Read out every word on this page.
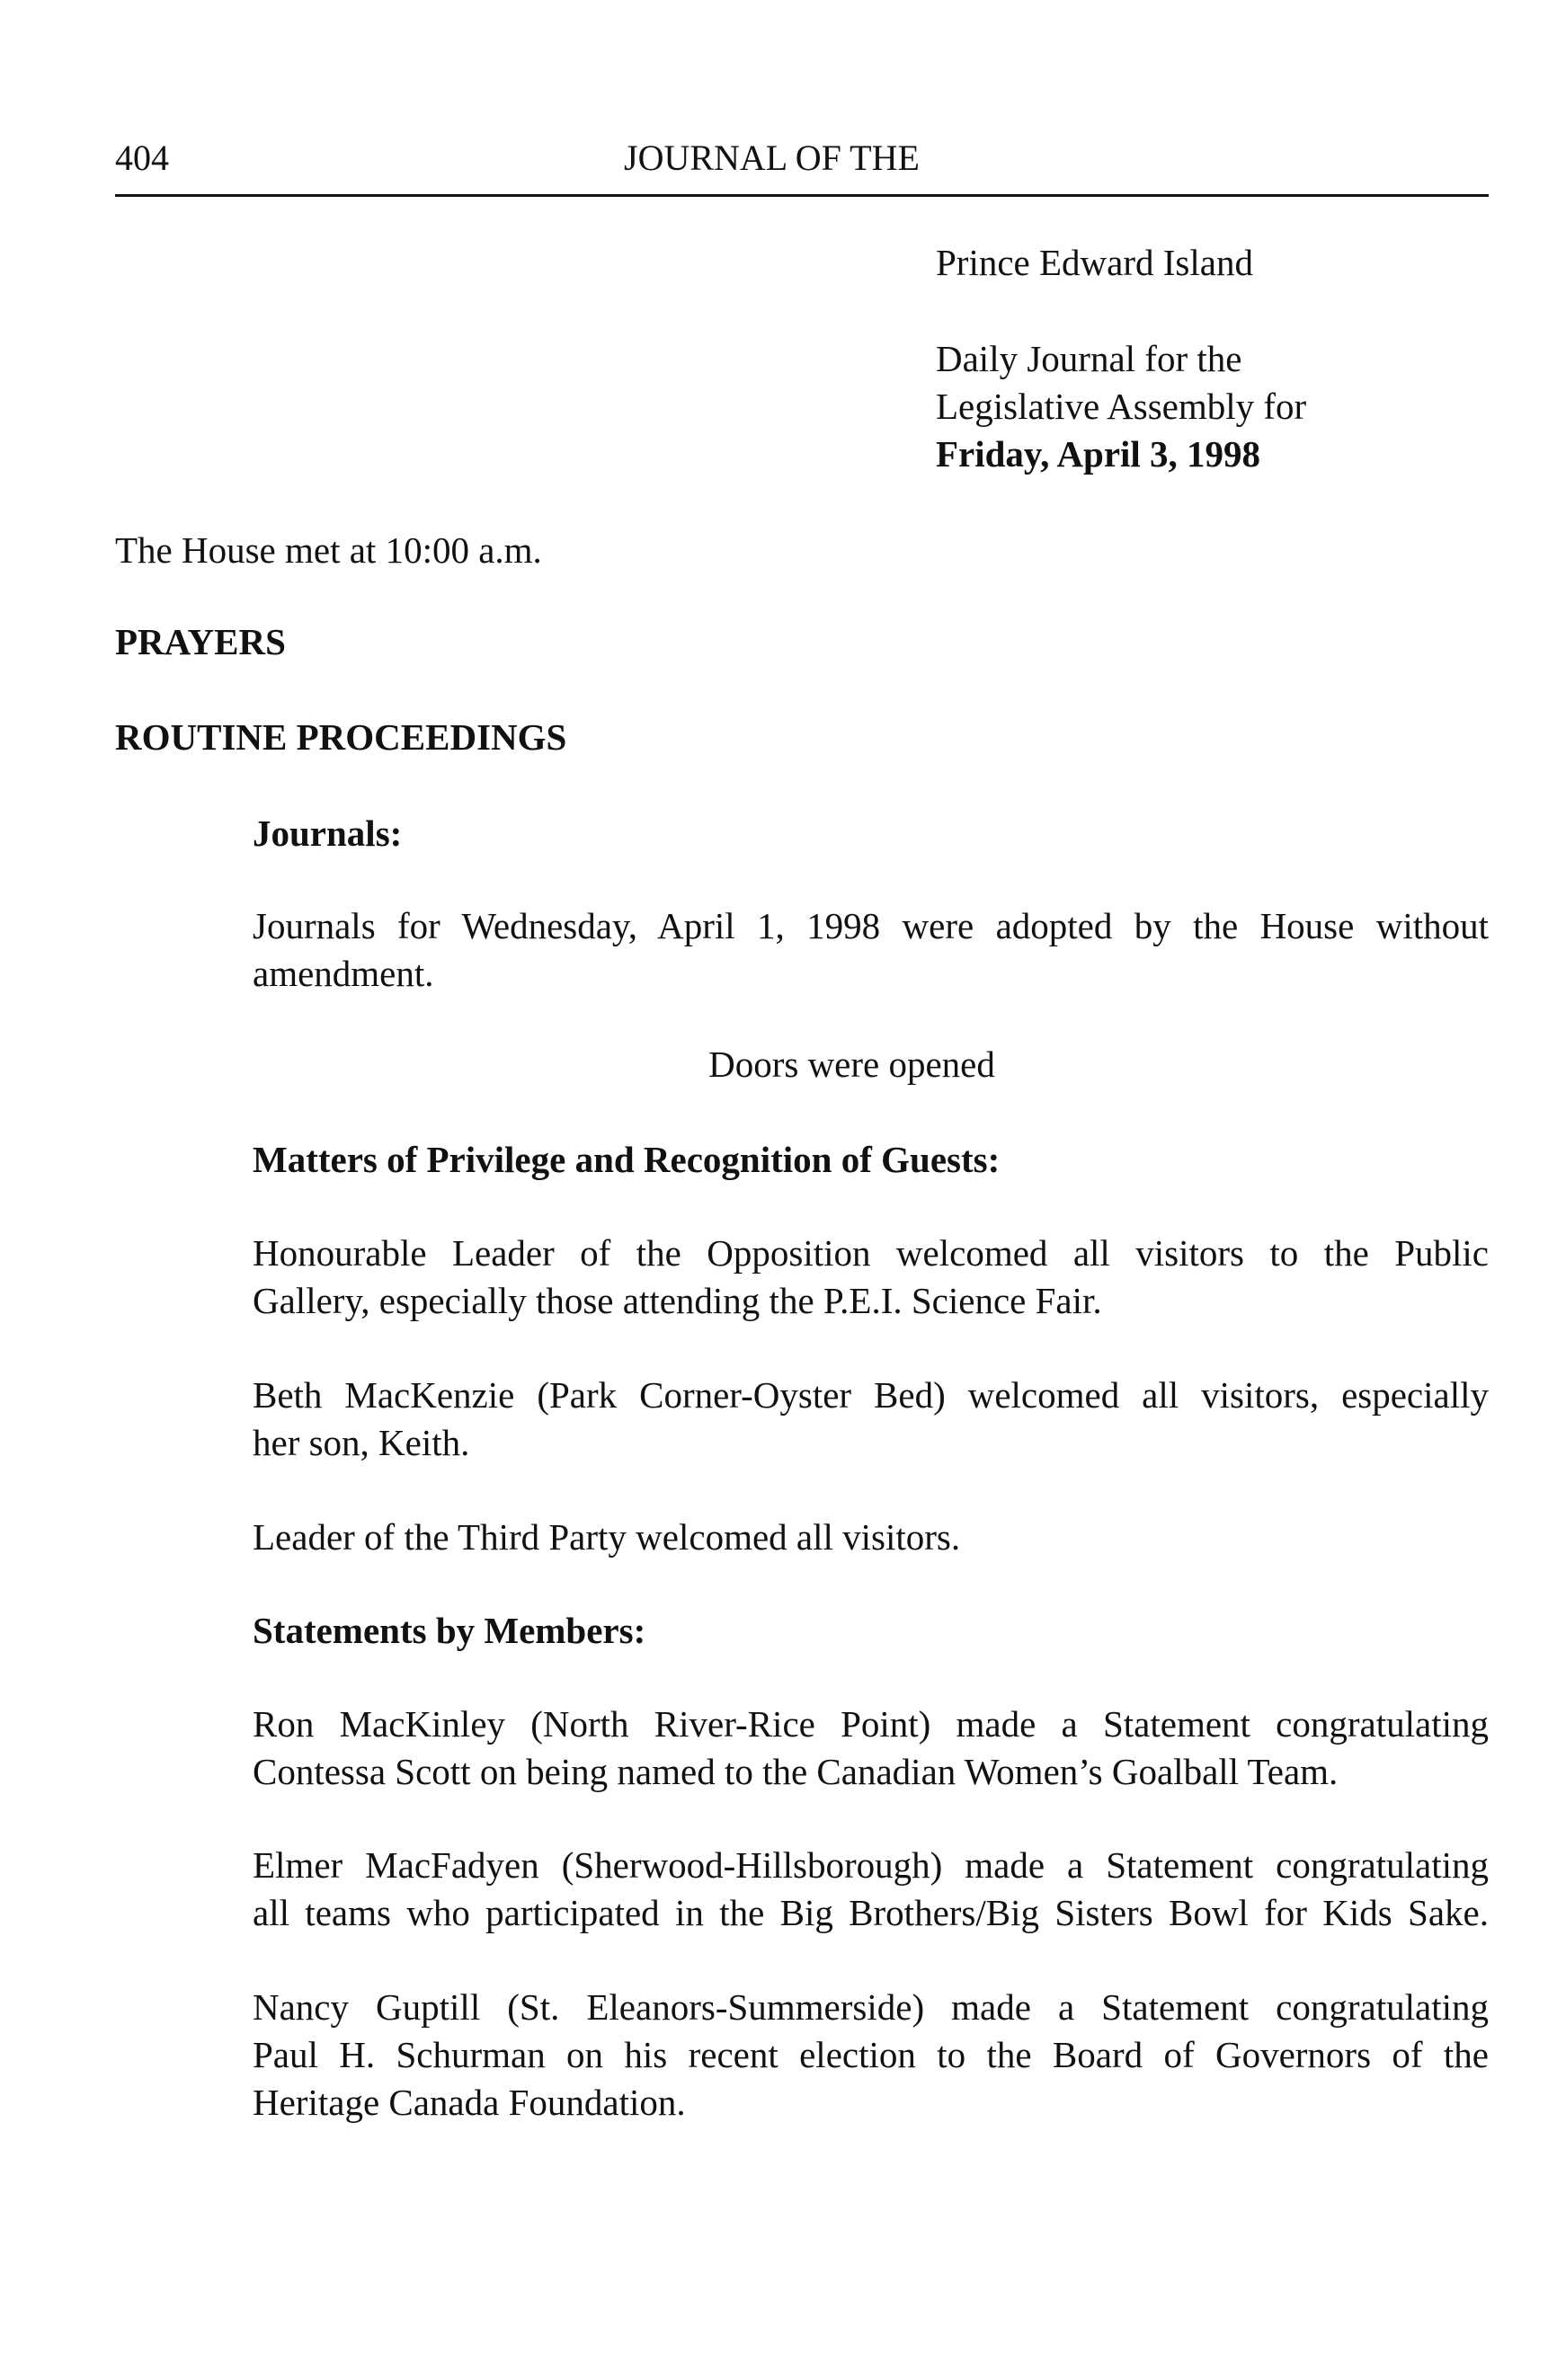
404	JOURNAL OF THE
Prince Edward Island
Daily Journal for the
Legislative Assembly for
Friday, April 3, 1998
The House met at 10:00 a.m.
PRAYERS
ROUTINE PROCEEDINGS
Journals:
Journals for Wednesday, April 1, 1998 were adopted by the House without
amendment.
Doors were opened
Matters of Privilege and Recognition of Guests:
Honourable Leader of the Opposition welcomed all visitors to the Public
Gallery, especially those attending the P.E.I. Science Fair.
Beth MacKenzie (Park Corner-Oyster Bed) welcomed all visitors, especially
her son, Keith.
Leader of the Third Party welcomed all visitors.
Statements by Members:
Ron MacKinley (North River-Rice Point) made a Statement congratulating
Contessa Scott on being named to the Canadian Women’s Goalball Team.
Elmer MacFadyen (Sherwood-Hillsborough) made a Statement congratulating
all teams who participated in the Big Brothers/Big Sisters Bowl for Kids Sake.
Nancy Guptill (St. Eleanors-Summerside) made a Statement congratulating
Paul H. Schurman on his recent election to the Board of Governors of the
Heritage Canada Foundation.
